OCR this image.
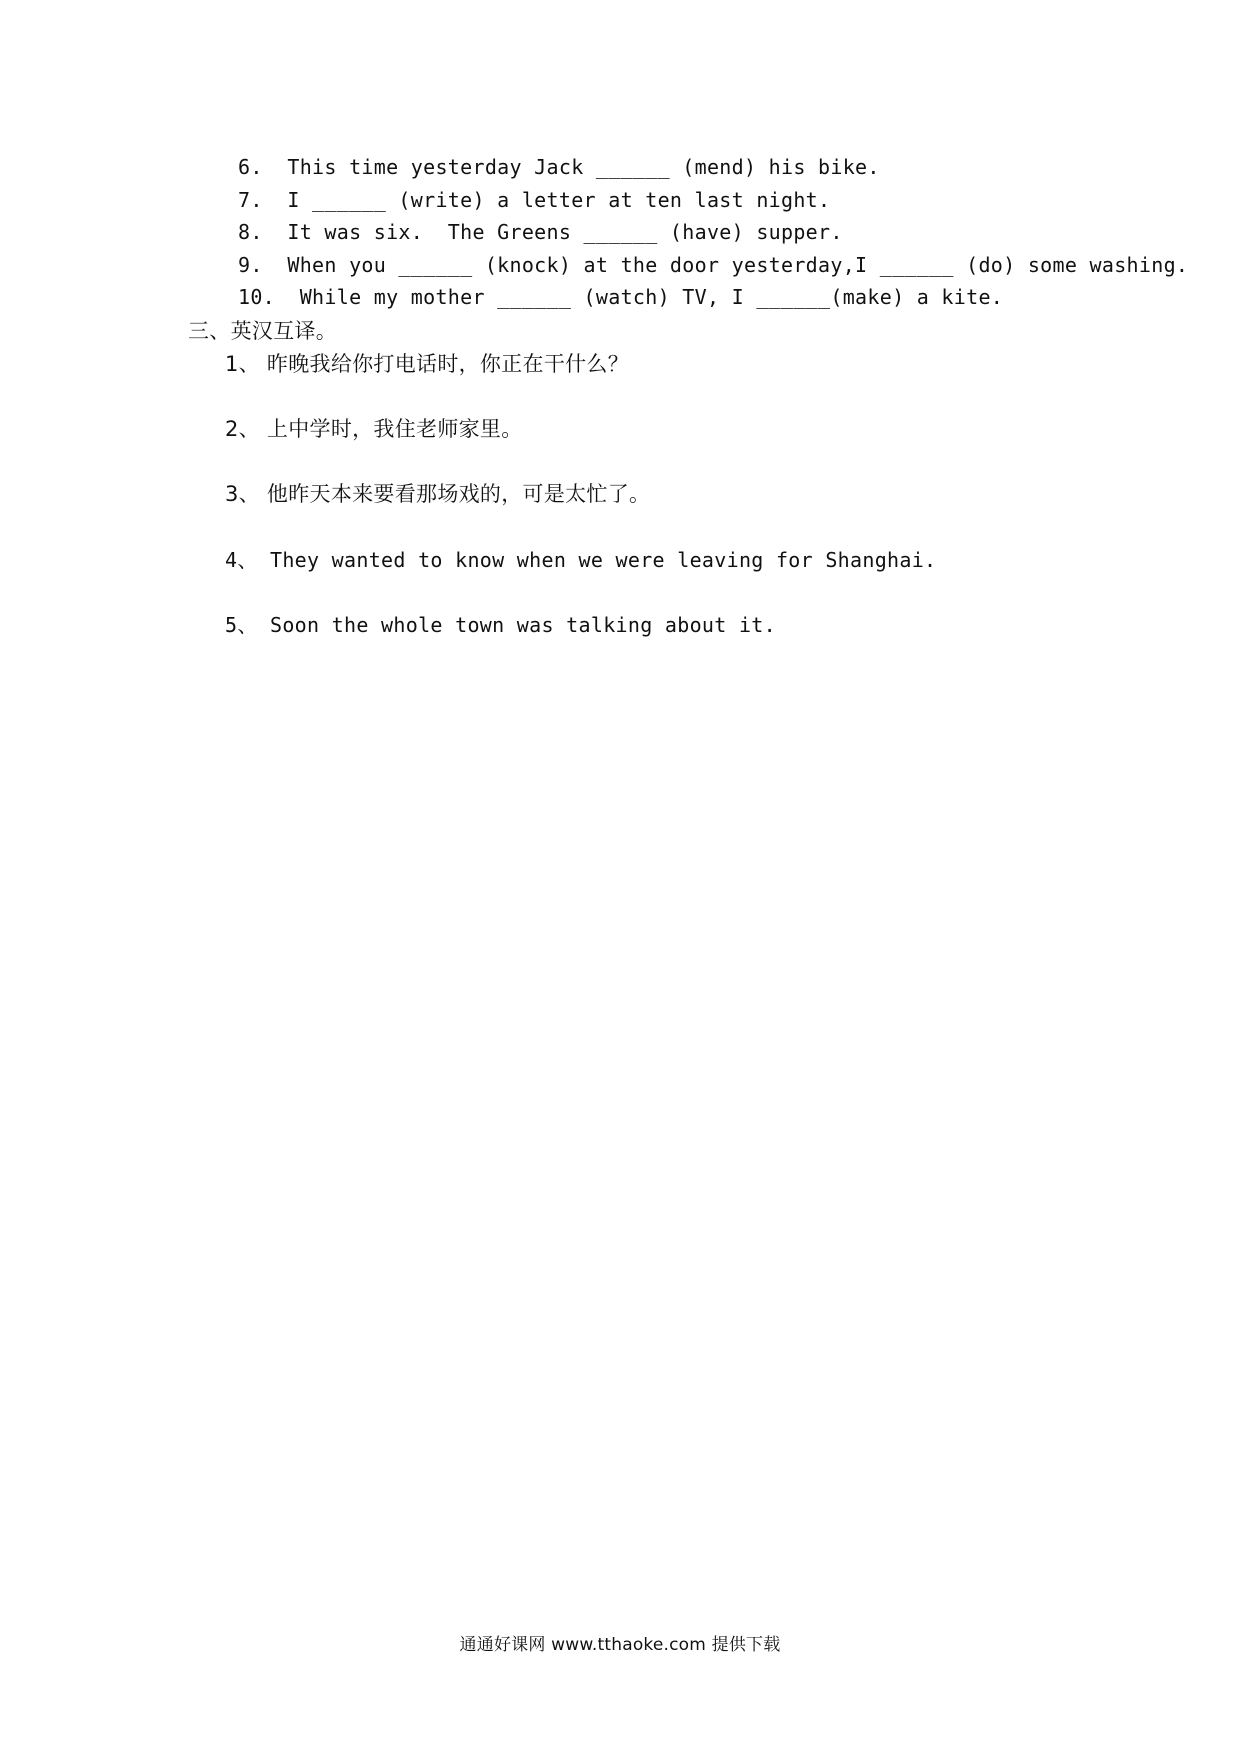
6.  This time yesterday Jack ______ (mend) his bike.
7.  I ______ (write) a letter at ten last night.
8.  It was six.  The Greens ______ (have) supper.
9.  When you ______ (knock) at the door yesterday,I ______ (do) some washing.
10.  While my mother ______ (watch) TV, I ______(make) a kite.
三、英汉互译。
1、 昨晚我给你打电话时，你正在干什么？
2、 上中学时，我住老师家里。
3、 他昨天本来要看那场戏的，可是太忙了。
4、 They wanted to know when we were leaving for Shanghai.
5、 Soon the whole town was talking about it.
通通好课网 www.tthaoke.com 提供下载
